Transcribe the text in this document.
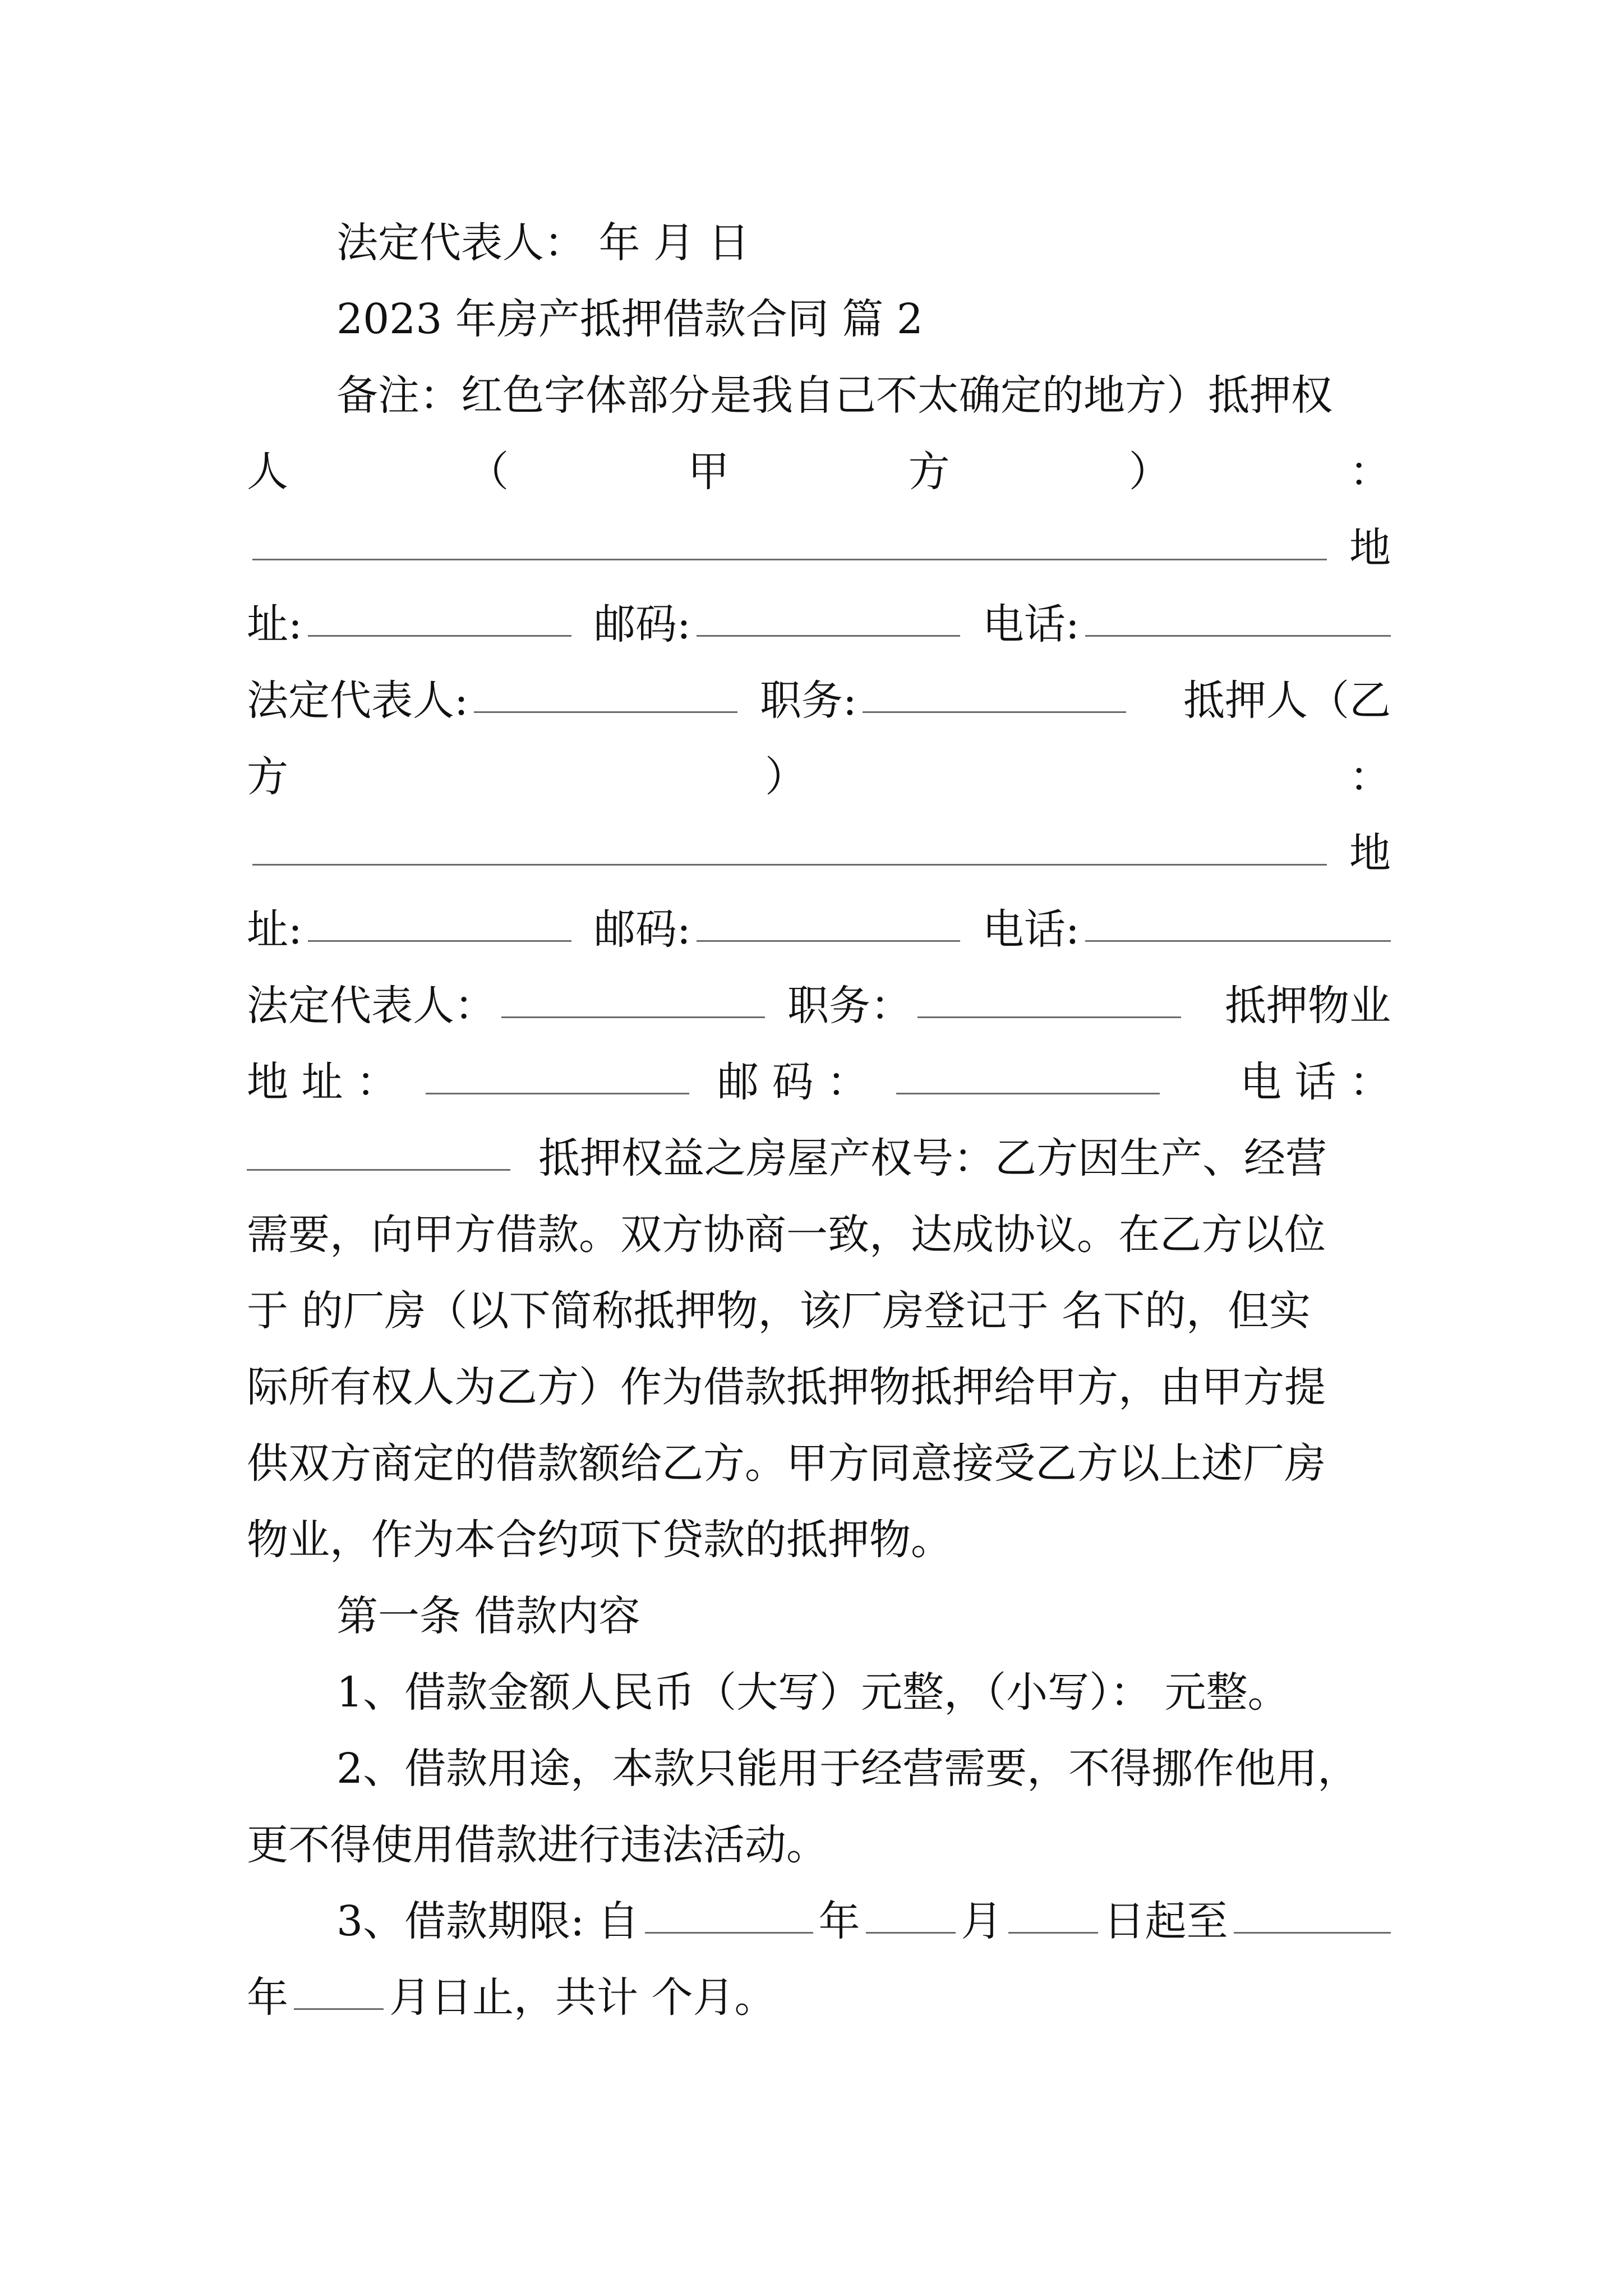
法定代表人： 年 月 日
2023 年房产抵押借款合同 篇 2
备注：红色字体部分是我自己不太确定的地方）抵押权
人	（	甲	方	）	：
地
址:	邮码:	电话:
法定代表人:	职务:	抵押人（乙
方	）	：
地
址:	邮码:	电话:
法定代表人：	职务：	抵押物业
地 址 ：	邮 码 ：	电 话 ：
抵押权益之房屋产权号：乙方因生产、经营
需要，向甲方借款。双方协商一致，达成协议。在乙方以位
于 的厂房（以下简称抵押物，该厂房登记于 名下的，但实
际所有权人为乙方）作为借款抵押物抵押给甲方，由甲方提
供双方商定的借款额给乙方。甲方同意接受乙方以上述厂房
物业，作为本合约项下贷款的抵押物。
第一条 借款内容
1、借款金额人民币（大写）元整，（小写）： 元整。
2、借款用途，本款只能用于经营需要，不得挪作他用，
更不得使用借款进行违法活动。
3、借款期限: 自	年 月 日起至
年 月日止，共计 个月。
